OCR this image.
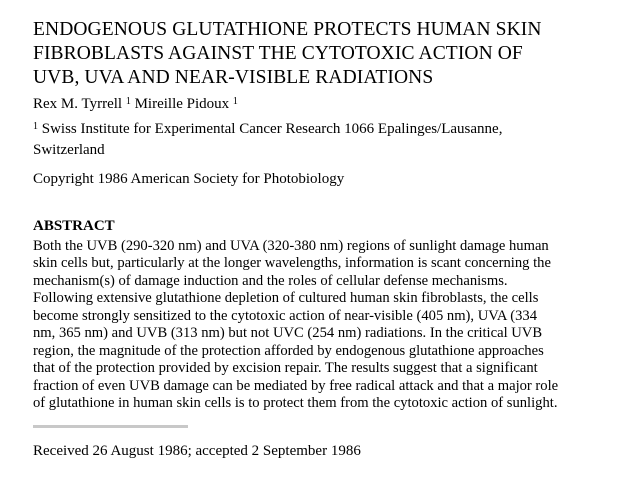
ENDOGENOUS GLUTATHIONE PROTECTS HUMAN SKIN
FIBROBLASTS AGAINST THE CYTOTOXIC ACTION OF
UVB, UVA AND NEAR-VISIBLE RADIATIONS
Rex M. Tyrrell $^1$ Mireille Pidoux $^1$
$^1$ Swiss Institute for Experimental Cancer Research 1066 Epalinges/Lausanne,
Switzerland
Copyright 1986 American Society for Photobiology
ABSTRACT
Both the UVB (290-320 nm) and UVA (320-380 nm) regions of sunlight damage human
skin cells but, particularly at the longer wavelengths, information is scant concerning the
mechanism(s) of damage induction and the roles of cellular defense mechanisms.
Following extensive glutathione depletion of cultured human skin fibroblasts, the cells
become strongly sensitized to the cytotoxic action of near-visible (405 nm), UVA (334
nm, 365 nm) and UVB (313 nm) but not UVC (254 nm) radiations. In the critical UVB
region, the magnitude of the protection afforded by endogenous glutathione approaches
that of the protection provided by excision repair. The results suggest that a significant
fraction of even UVB damage can be mediated by free radical attack and that a major role
of glutathione in human skin cells is to protect them from the cytotoxic action of sunlight.
Received 26 August 1986; accepted 2 September 1986
